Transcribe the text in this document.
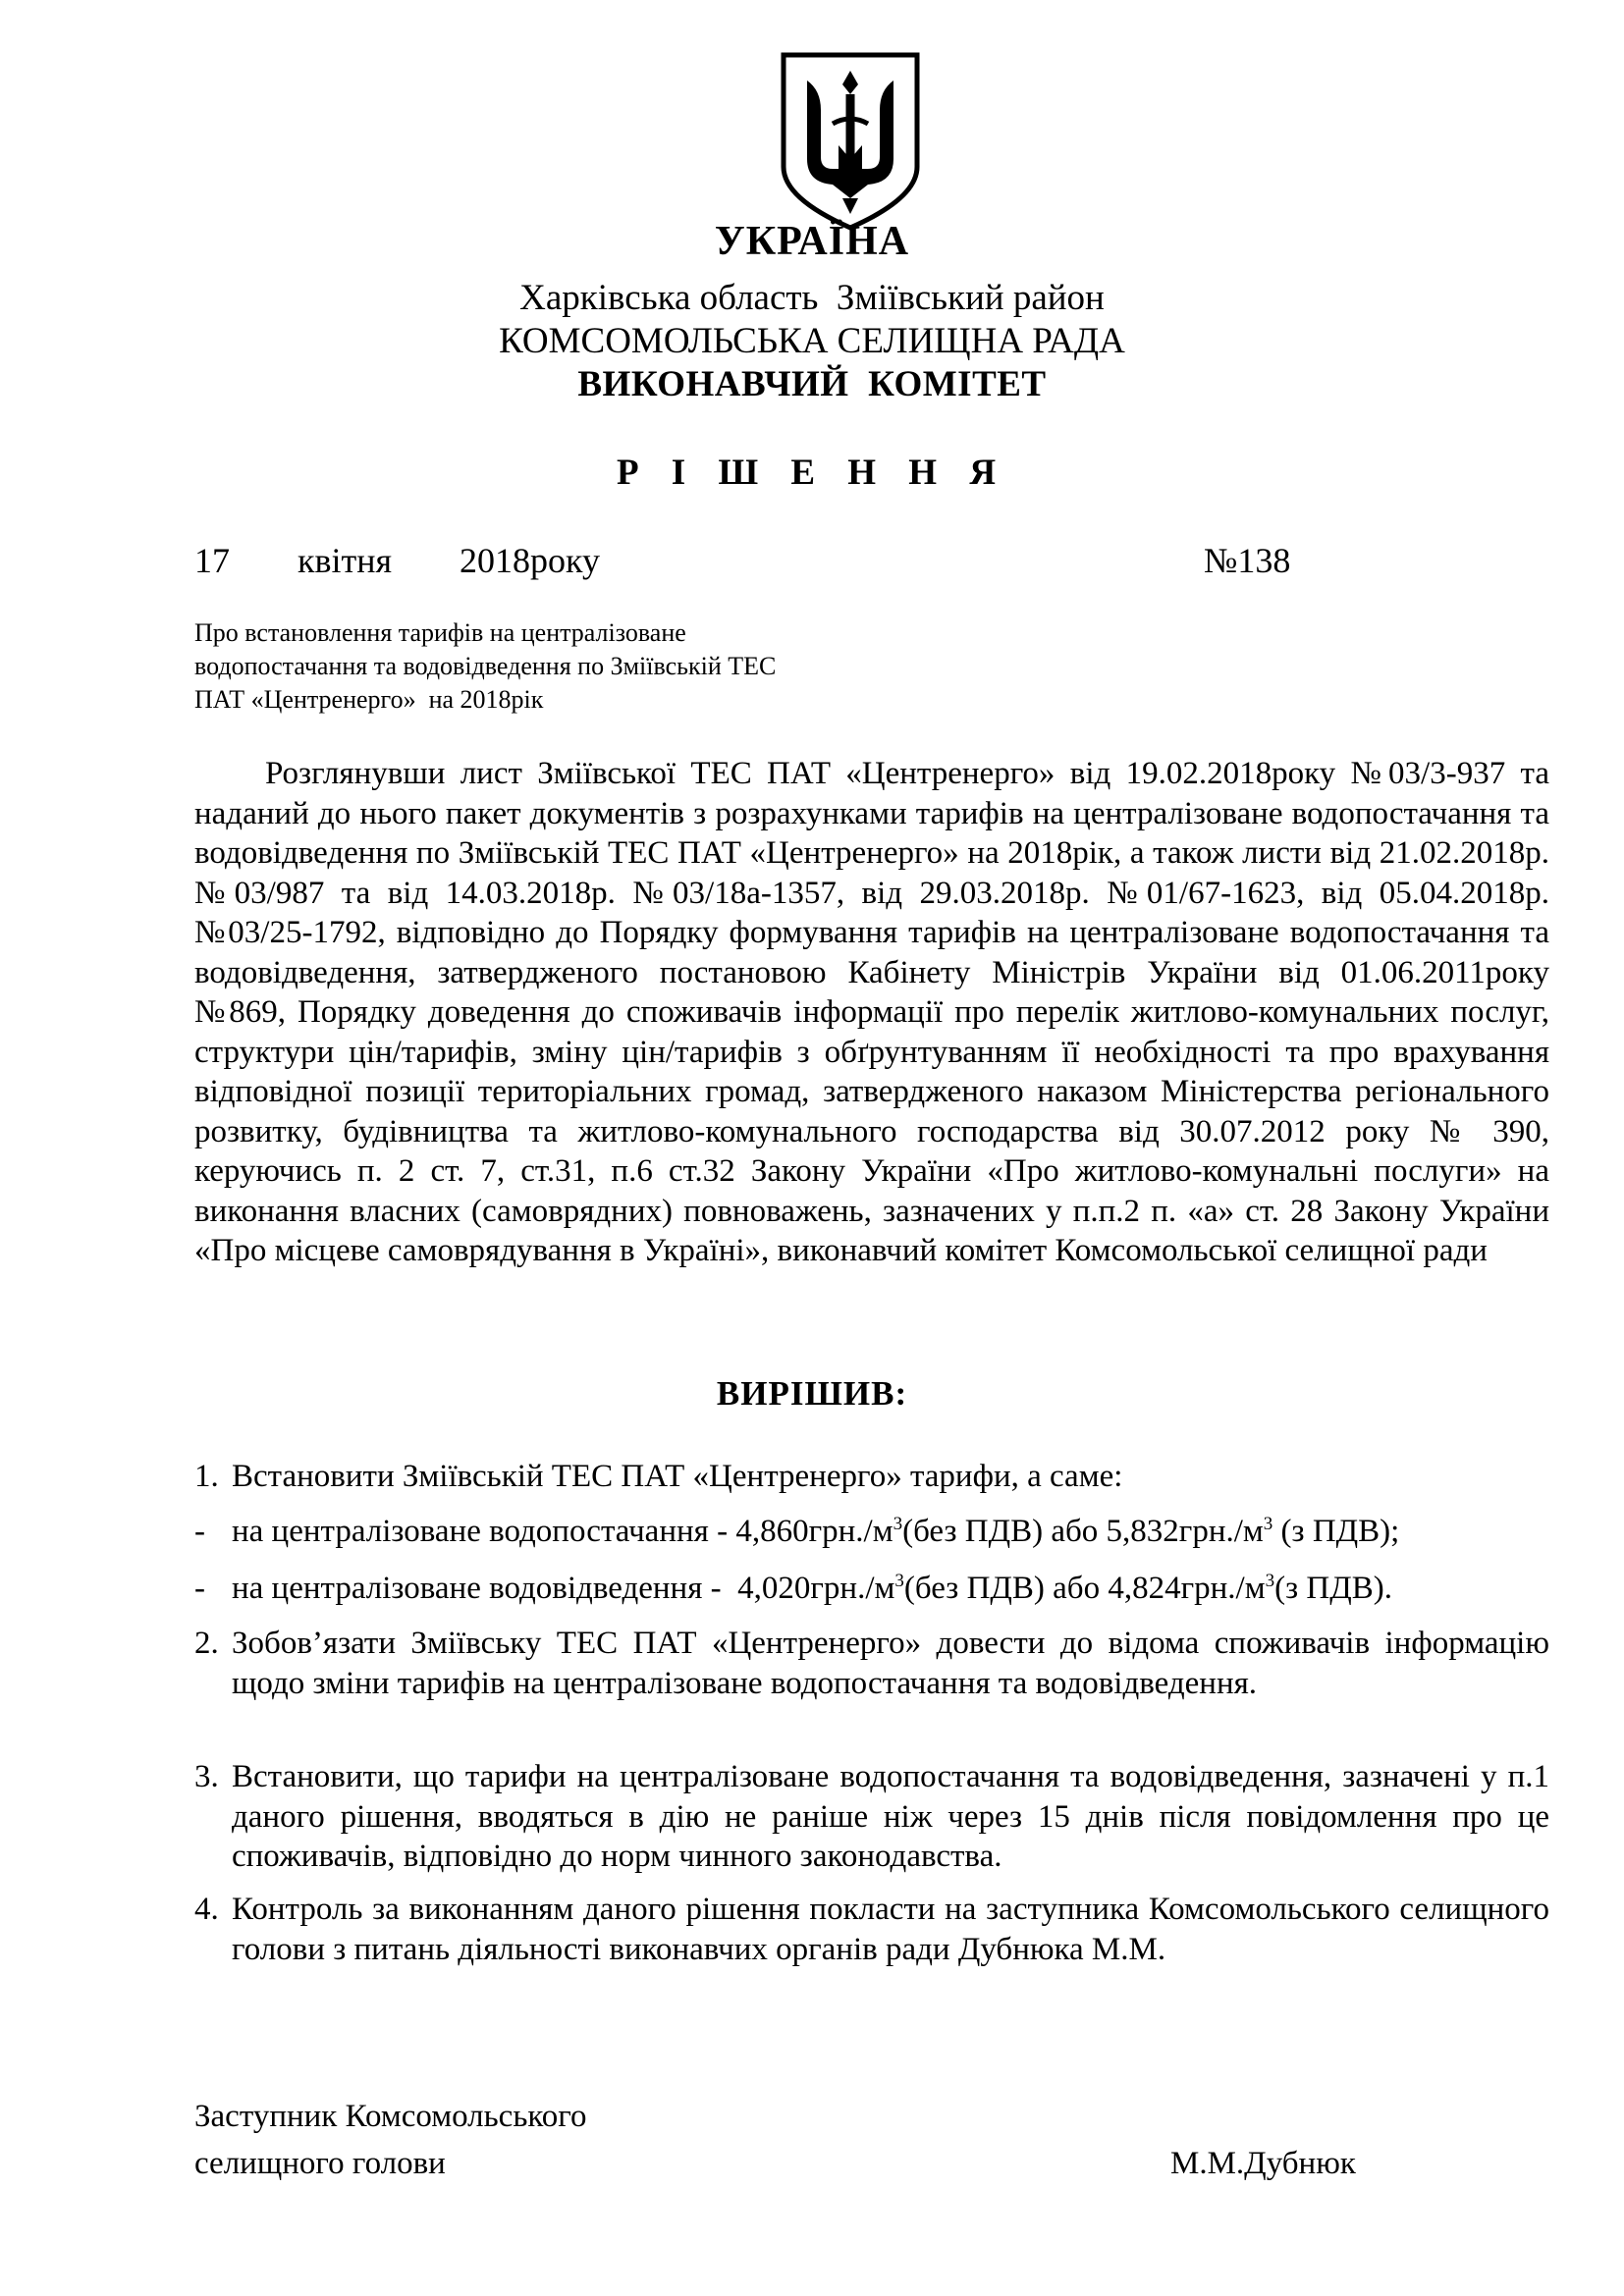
УКРАЇНА
Харківська область  Зміївський район
КОМСОМОЛЬСЬКА СЕЛИЩНА РАДА
ВИКОНАВЧИЙ  КОМІТЕТ
Р І Ш Е Н Н Я
17   квітня   2018року	№138
Про встановлення тарифів на централізоване
водопостачання та водовідведення по Зміївській ТЕС
ПАТ «Центренерго»  на 2018рік

Розглянувши лист Зміївської ТЕС ПАТ «Центренерго» від 19.02.2018року №03/3-937 та наданий до нього пакет документів з розрахунками тарифів на централізоване водопостачання та водовідведення по Зміївській ТЕС ПАТ «Центренерго» на 2018рік, а також листи від 21.02.2018р. №03/987 та від 14.03.2018р. №03/18а-1357, від 29.03.2018р. №01/67-1623, від 05.04.2018р. №03/25-1792, відповідно до Порядку формування тарифів на централізоване водопостачання та водовідведення, затвердженого постановою Кабінету Міністрів України від 01.06.2011року №869, Порядку доведення до споживачів інформації про перелік житлово-комунальних послуг, структури цін/тарифів, зміну цін/тарифів з обґрунтуванням її необхідності та про врахування відповідної позиції територіальних громад, затвердженого наказом Міністерства регіонального розвитку, будівництва та житлово-комунального господарства від 30.07.2012 року № 390, керуючись п. 2 ст. 7, ст.31, п.6 ст.32 Закону України «Про житлово-комунальні послуги» на виконання власних (самоврядних) повноважень, зазначених у п.п.2 п. «а» ст. 28 Закону України «Про місцеве самоврядування в Україні», виконавчий комітет Комсомольської селищної ради

ВИРІШИВ:
1. Встановити Зміївській ТЕС ПАТ «Центренерго» тарифи, а саме:
- на централізоване водопостачання - $4,860грн./м^3(без$ ПДВ) або $5,832грн./м^3$ (з ПДВ);
- на централізоване водовідведення -  $4,020грн./м^3(без$ ПДВ) або $4,824грн./м^3(з$ ПДВ).
2. Зобов’язати Зміївську ТЕС ПАТ «Центренерго» довести до відома споживачів інформацію щодо зміни тарифів на централізоване водопостачання та водовідведення.
3. Встановити, що тарифи на централізоване водопостачання та водовідведення, зазначені у п.1 даного рішення, вводяться в дію не раніше ніж через 15 днів після повідомлення про це споживачів, відповідно до норм чинного законодавства.
4. Контроль за виконанням даного рішення покласти на заступника Комсомольського селищного голови з питань діяльності виконавчих органів ради Дубнюка М.М.
Заступник Комсомольського
селищного голови	М.М.Дубнюк
